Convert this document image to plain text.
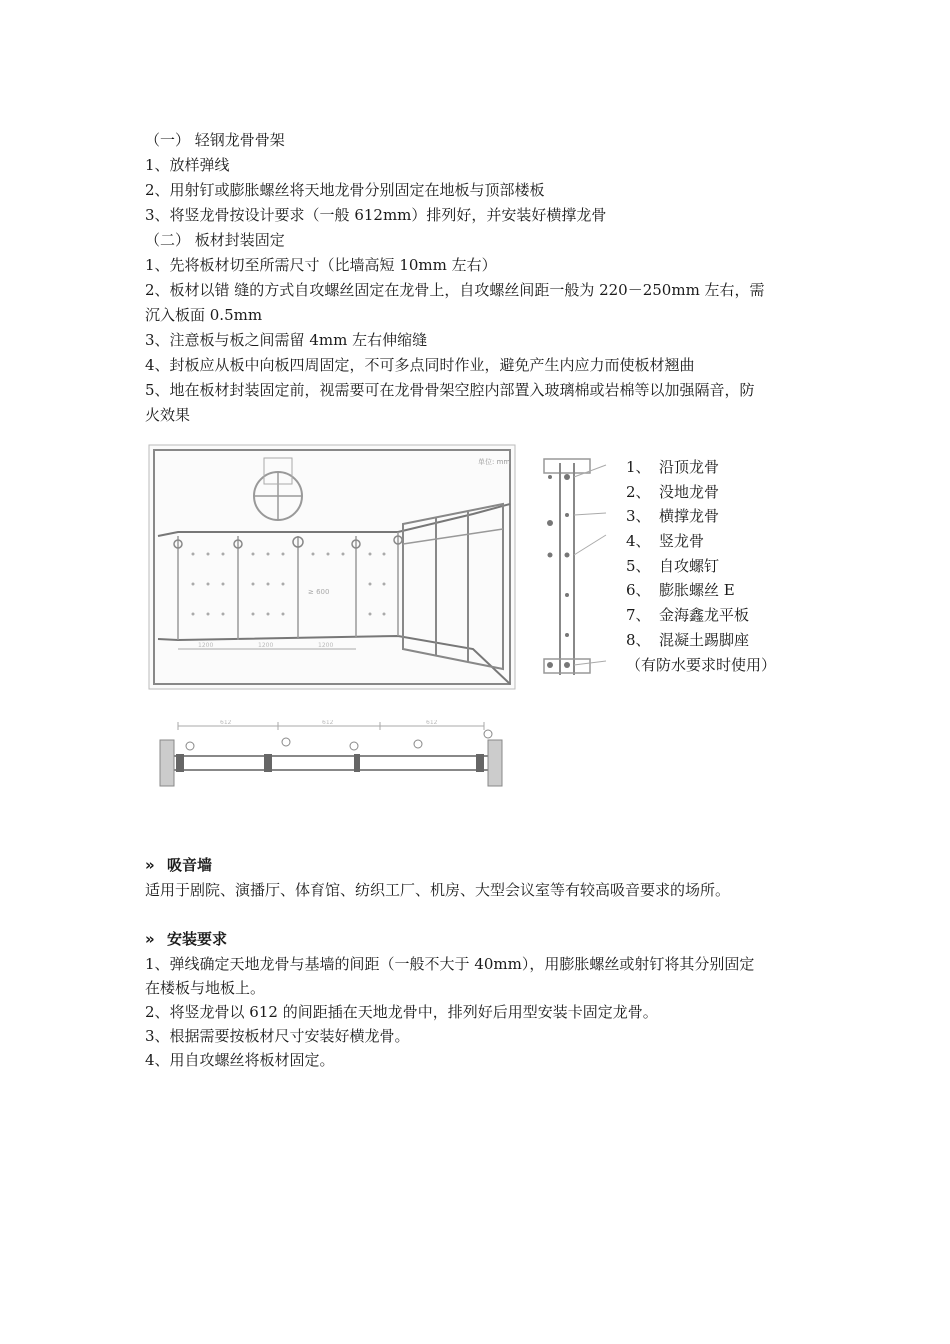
（一） 轻钢龙骨骨架
1、放样弹线
2、用射钉或膨胀螺丝将天地龙骨分别固定在地板与顶部楼板
3、将竖龙骨按设计要求（一般 612mm）排列好，并安装好横撑龙骨
（二） 板材封装固定
1、先将板材切至所需尺寸（比墙高短 10mm 左右）
2、板材以错 缝的方式自攻螺丝固定在龙骨上，自攻螺丝间距一般为 220－250mm 左右，需
沉入板面 0.5mm
3、注意板与板之间需留 4mm 左右伸缩缝
4、封板应从板中向板四周固定，不可多点同时作业，避免产生内应力而使板材翘曲
5、地在板材封装固定前，视需要可在龙骨骨架空腔内部置入玻璃棉或岩棉等以加强隔音，防
火效果
1200	1200	1200
单位: mm
≥ 600
1、 沿顶龙骨
2、 没地龙骨
3、 横撑龙骨
4、 竖龙骨
5、 自攻螺钉
6、 膨胀螺丝 E
7、 金海鑫龙平板
8、 混凝土踢脚座
（有防水要求时使用）
612	612	612
» 吸音墙
适用于剧院、演播厅、体育馆、纺织工厂、机房、大型会议室等有较高吸音要求的场所。
» 安装要求
1、弹线确定天地龙骨与基墙的间距（一般不大于 40mm），用膨胀螺丝或射钉将其分别固定
在楼板与地板上。
2、将竖龙骨以 612 的间距插在天地龙骨中，排列好后用型安装卡固定龙骨。
3、根据需要按板材尺寸安装好横龙骨。
4、用自攻螺丝将板材固定。
